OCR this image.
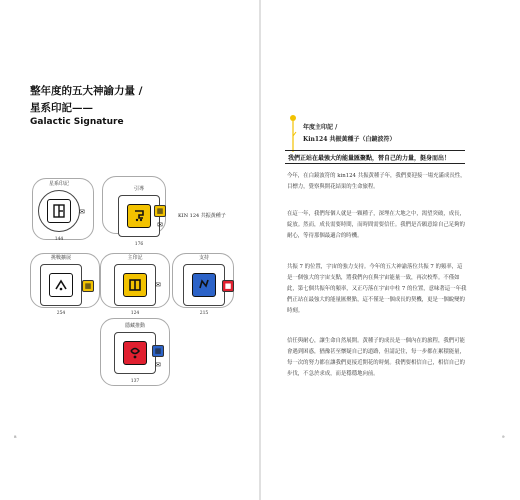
整年度的五大神諭力量 /
星系印記——
Galactic Signature
星系印記
144
✉
引導
176
▦
✉
KIN 124 共振黃種子
挑戰擴展
254
▦
主印記
124
✉
支持
215
■
隱藏推動
137
▦
✉
8
年度主印記 /
Kin124 共振黃種子（白鏡波符）
我們正站在最強大的能量匯聚點，替自己的力量，挺身而出！
今年，在白鏡波符的 kin124 共振黃種子年，我們要迎接一場充滿成長性，目標力，覺察與開花結果的生命旅程。
在這一年，我們每個人就是一顆種子，深埋在大地之中，渴望突破，成長，綻放。然而，成長需要時間，而時間需要信任。我們是否願意給自己足夠的耐心，等待那個最適合的時機。
共振 7 的位置，宇宙的強力支持。今年的五大神諭落位共振 7 的頻率，這是一個強大的宇宙支點，將我們內在與宇宙能量一致，再次校準。不僅如此，第七個共振年的頻率，又正巧落在宇宙中柱 7 的位置，意味著這一年我們正站在最強大的能量匯聚點，這不僅是一個成長的契機，更是一個蛻變的時刻。
信任與耐心，讓生命自然展開。黃種子的成長是一個內在的旅程，我們可能會遇到困惑，猶豫甚至懷疑自己的道路，但請記住，每一步都在累積能量，每一次的努力都在讓我們更接近開花的時刻。我們要相信自己，相信自己的步伐，不急於求成，而是穩穩地向前。
9
